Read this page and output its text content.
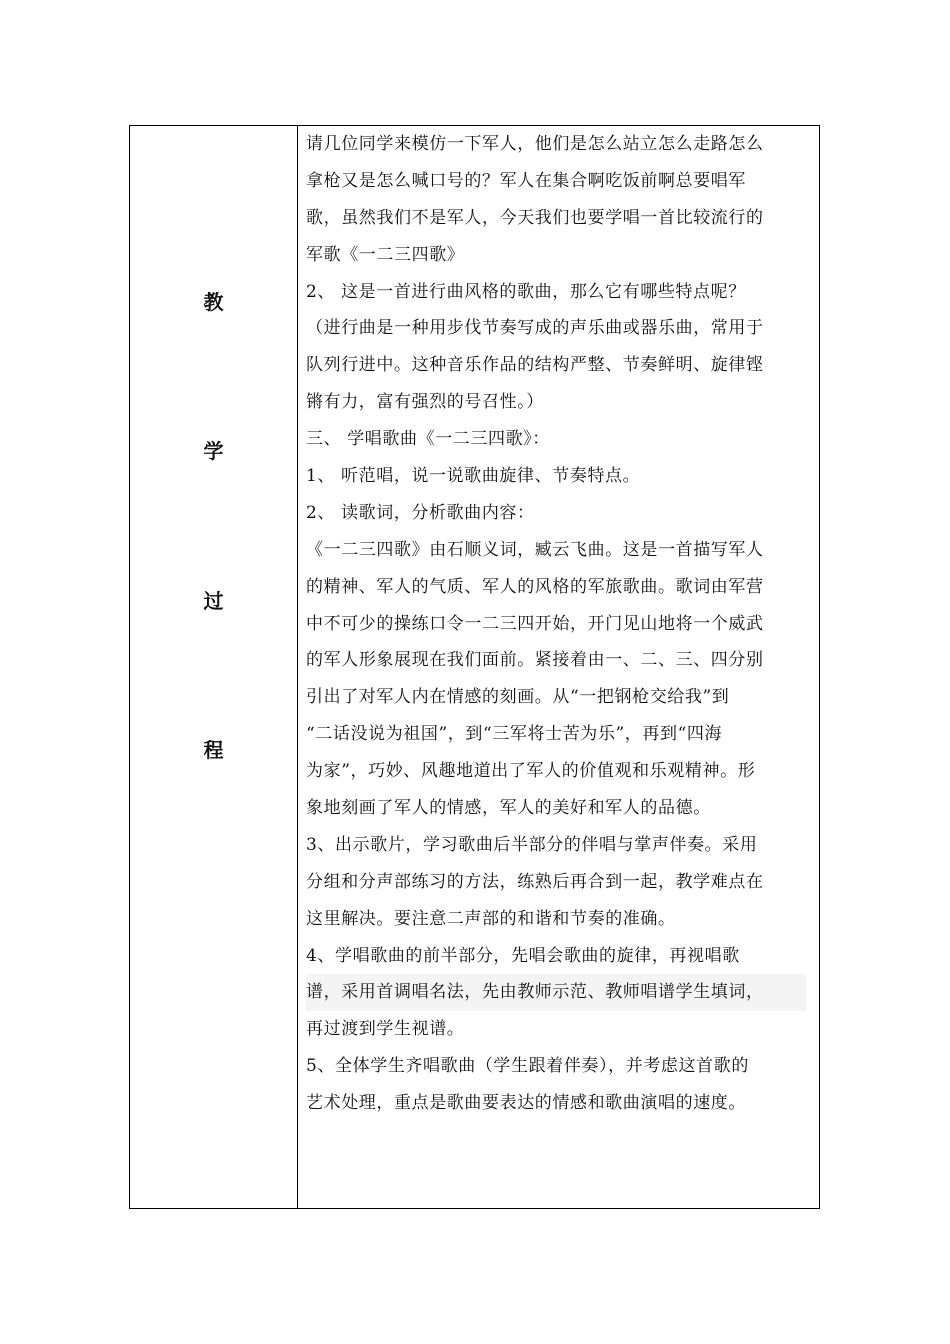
教
学
过
程
请几位同学来模仿一下军人，他们是怎么站立怎么走路怎么
拿枪又是怎么喊口号的？军人在集合啊吃饭前啊总要唱军
歌，虽然我们不是军人，今天我们也要学唱一首比较流行的
军歌《一二三四歌》
2、 这是一首进行曲风格的歌曲，那么它有哪些特点呢？
（进行曲是一种用步伐节奏写成的声乐曲或器乐曲，常用于
队列行进中。这种音乐作品的结构严整、节奏鲜明、旋律铿
锵有力，富有强烈的号召性。）
三、 学唱歌曲《一二三四歌》：
1、 听范唱，说一说歌曲旋律、节奏特点。
2、 读歌词，分析歌曲内容：
《一二三四歌》由石顺义词，臧云飞曲。这是一首描写军人
的精神、军人的气质、军人的风格的军旅歌曲。歌词由军营
中不可少的操练口令一二三四开始，开门见山地将一个威武
的军人形象展现在我们面前。紧接着由一、二、三、四分别
引出了对军人内在情感的刻画。从“一把钢枪交给我”到
“二话没说为祖国”，到“三军将士苦为乐”，再到“四海
为家”，巧妙、风趣地道出了军人的价值观和乐观精神。形
象地刻画了军人的情感，军人的美好和军人的品德。
3、出示歌片，学习歌曲后半部分的伴唱与掌声伴奏。采用
分组和分声部练习的方法，练熟后再合到一起，教学难点在
这里解决。要注意二声部的和谐和节奏的准确。
4、学唱歌曲的前半部分，先唱会歌曲的旋律，再视唱歌
谱，采用首调唱名法，先由教师示范、教师唱谱学生填词，
再过渡到学生视谱。
5、全体学生齐唱歌曲（学生跟着伴奏），并考虑这首歌的
艺术处理，重点是歌曲要表达的情感和歌曲演唱的速度。
